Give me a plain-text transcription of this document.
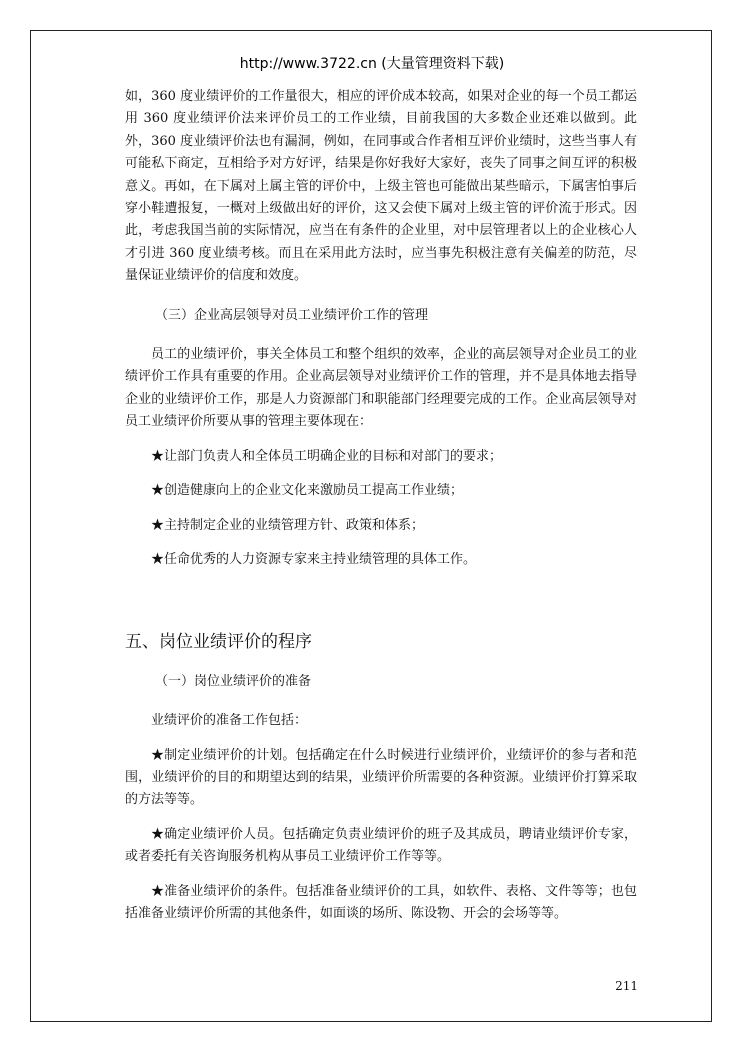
http://www.3722.cn (大量管理资料下载)

如，360 度业绩评价的工作量很大，相应的评价成本较高，如果对企业的每一个员工都运用 360 度业绩评价法来评价员工的工作业绩，目前我国的大多数企业还难以做到。此外，360 度业绩评价法也有漏洞，例如，在同事或合作者相互评价业绩时，这些当事人有可能私下商定，互相给予对方好评，结果是你好我好大家好，丧失了同事之间互评的积极意义。再如，在下属对上属主管的评价中，上级主管也可能做出某些暗示，下属害怕事后穿小鞋遭报复，一概对上级做出好的评价，这又会使下属对上级主管的评价流于形式。因此，考虑我国当前的实际情况，应当在有条件的企业里，对中层管理者以上的企业核心人才引进 360 度业绩考核。而且在采用此方法时，应当事先积极注意有关偏差的防范，尽量保证业绩评价的信度和效度。

（三）企业高层领导对员工业绩评价工作的管理

员工的业绩评价，事关全体员工和整个组织的效率，企业的高层领导对企业员工的业绩评价工作具有重要的作用。企业高层领导对业绩评价工作的管理，并不是具体地去指导企业的业绩评价工作，那是人力资源部门和职能部门经理要完成的工作。企业高层领导对员工业绩评价所要从事的管理主要体现在：

★让部门负责人和全体员工明确企业的目标和对部门的要求；

★创造健康向上的企业文化来激励员工提高工作业绩；

★主持制定企业的业绩管理方针、政策和体系；

★任命优秀的人力资源专家来主持业绩管理的具体工作。

五、岗位业绩评价的程序

（一）岗位业绩评价的准备

业绩评价的准备工作包括：

★制定业绩评价的计划。包括确定在什么时候进行业绩评价，业绩评价的参与者和范围，业绩评价的目的和期望达到的结果，业绩评价所需要的各种资源。业绩评价打算采取的方法等等。

★确定业绩评价人员。包括确定负责业绩评价的班子及其成员，聘请业绩评价专家，或者委托有关咨询服务机构从事员工业绩评价工作等等。

★准备业绩评价的条件。包括准备业绩评价的工具，如软件、表格、文件等等；也包括准备业绩评价所需的其他条件，如面谈的场所、陈设物、开会的会场等等。

211
